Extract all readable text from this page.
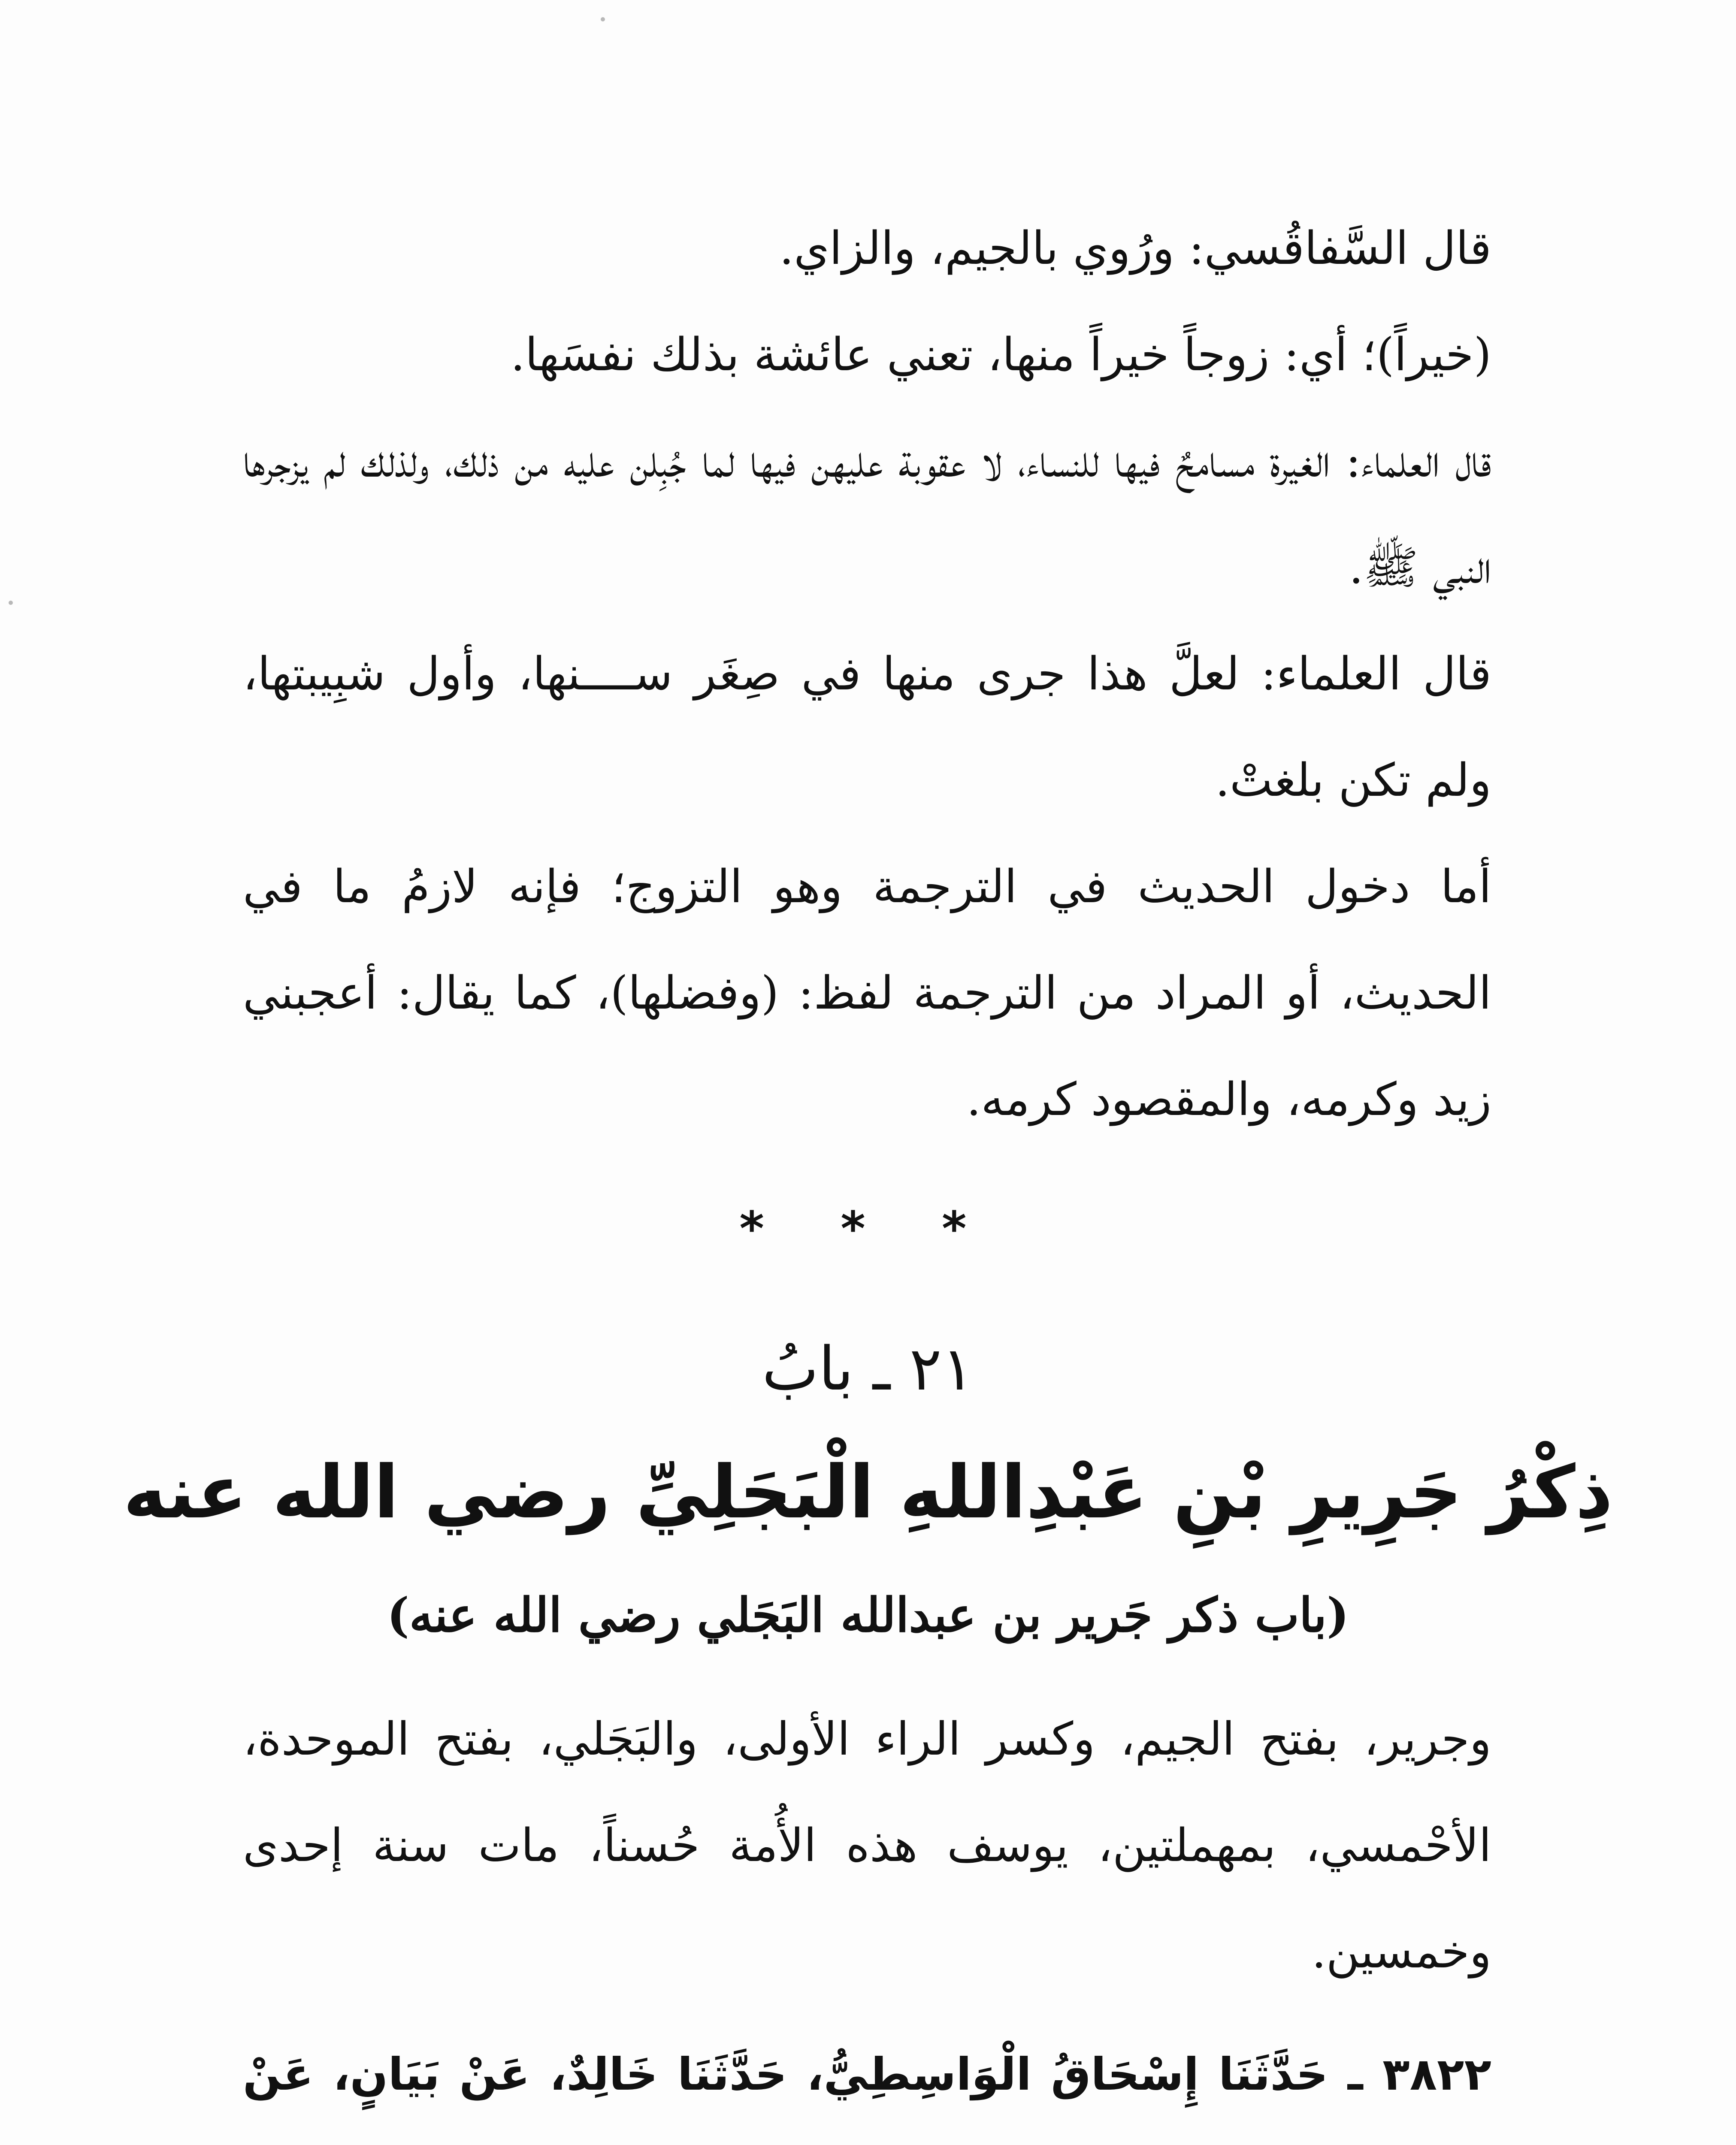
قال السَّفاقُسي: ورُوي بالجيم، والزاي.

(خيراً)؛ أي: زوجاً خيراً منها، تعني عائشة بذلك نفسَها.

قال العلماء: الغيرة مسامحٌ فيها للنساء، لا عقوبة عليهن فيها لما جُبِلن عليه من ذلك، ولذلك لم يزجرها النبي ﷺ.

قال العلماء: لعلَّ هذا جرى منها في صِغَر ســــنها، وأول شبِيبتها، ولم تكن بلغتْ.

أما دخول الحديث في الترجمة وهو التزوج؛ فإنه لازمُ ما في الحديث، أو المراد من الترجمة لفظ: (وفضلها)، كما يقال: أعجبني زيد وكرمه، والمقصود كرمه.

* * *
٢١ ـ بابُ
ذِكْرُ جَرِيرِ بْنِ عَبْدِاللهِ الْبَجَلِيِّ رضي الله عنه
(باب ذكر جَرير بن عبدالله البَجَلي رضي الله عنه)

وجرير، بفتح الجيم، وكسر الراء الأولى، والبَجَلي، بفتح الموحدة، الأحْمسي، بمهملتين، يوسف هذه الأُمة حُسناً، مات سنة إحدى وخمسين.

٣٨٢٢ ـ حَدَّثَنَا إِسْحَاقُ الْوَاسِطِيُّ، حَدَّثَنَا خَالِدٌ، عَنْ بَيَانٍ، عَنْ
